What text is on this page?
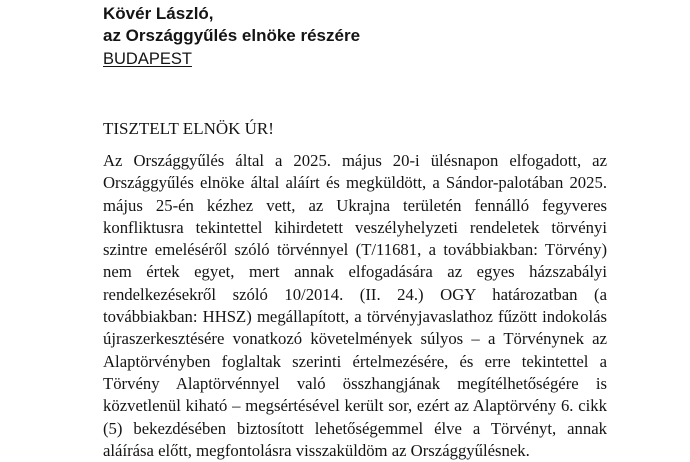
Kövér László,
az Országgyűlés elnöke részére
BUDAPEST
TISZTELT ELNÖK ÚR!
Az Országgyűlés által a 2025. május 20-i ülésnapon elfogadott, az
Országgyűlés elnöke által aláírt és megküldött, a Sándor-palotában 2025.
május 25-én kézhez vett, az Ukrajna területén fennálló fegyveres
konfliktusra tekintettel kihirdetett veszélyhelyzeti rendeletek törvényi
szintre emeléséről szóló törvénnyel (T/11681, a továbbiakban: Törvény)
nem értek egyet, mert annak elfogadására az egyes házszabályi
rendelkezésekről szóló 10/2014. (II. 24.) OGY határozatban (a
továbbiakban: HHSZ) megállapított, a törvényjavaslathoz fűzött indokolás
újraszerkesztésére vonatkozó követelmények súlyos – a Törvénynek az
Alaptörvényben foglaltak szerinti értelmezésére, és erre tekintettel a
Törvény Alaptörvénnyel való összhangjának megítélhetőségére is
közvetlenül kiható – megsértésével került sor, ezért az Alaptörvény 6. cikk
(5) bekezdésében biztosított lehetőségemmel élve a Törvényt, annak
aláírása előtt, megfontolásra visszaküldöm az Országgyűlésnek.
